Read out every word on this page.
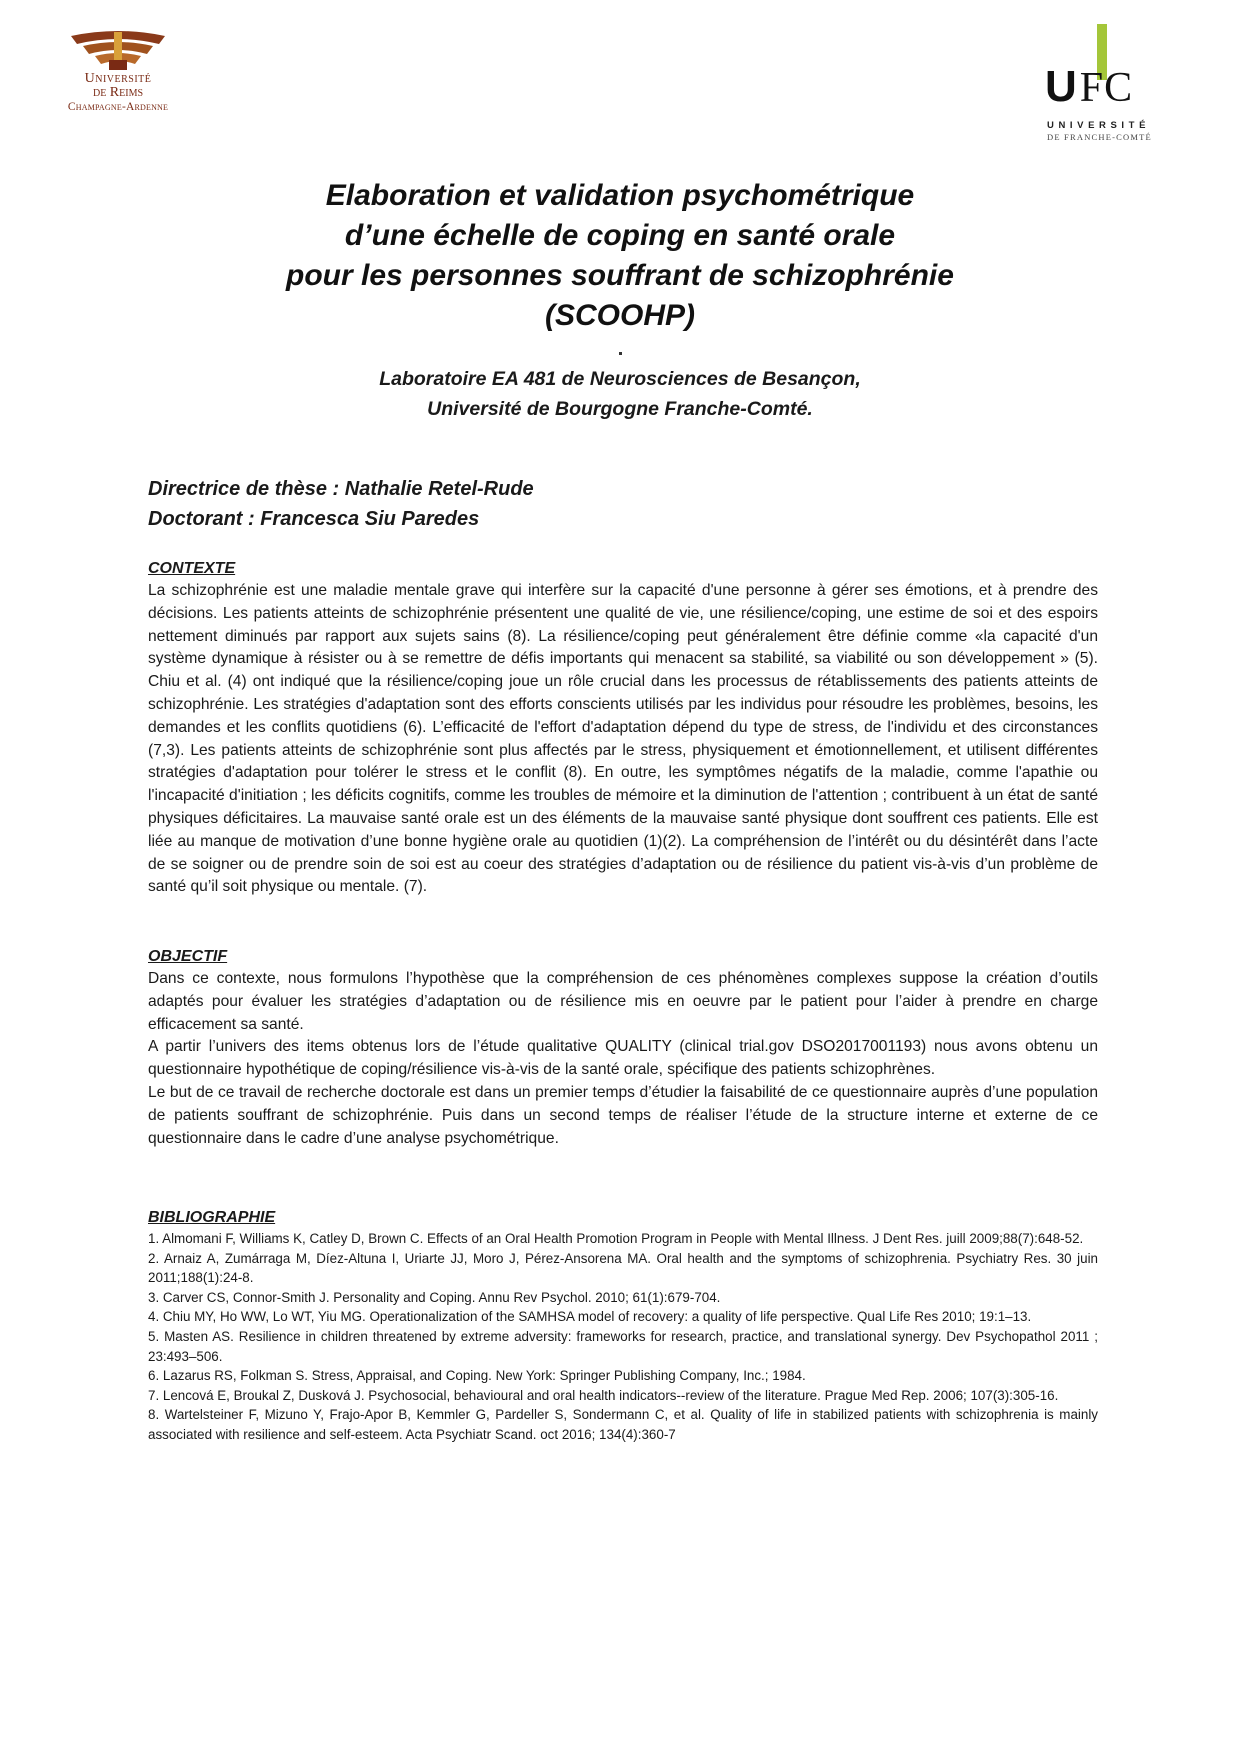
Université
de Reims
Champagne-Ardenne	UFC
UNIVERSITÉ
DE FRANCHE-COMTÉ
Elaboration et validation psychométrique
d’une échelle de coping en santé orale
pour les personnes souffrant de schizophrénie
(SCOOHP)
Laboratoire EA 481 de Neurosciences de Besançon,
Université de Bourgogne Franche-Comté.
Directrice de thèse : Nathalie Retel-Rude
Doctorant : Francesca Siu Paredes
CONTEXTE
La schizophrénie est une maladie mentale grave qui interfère sur la capacité d'une personne à gérer ses émotions, et à prendre des décisions. Les patients atteints de schizophrénie présentent une qualité de vie, une résilience/coping, une estime de soi et des espoirs nettement diminués par rapport aux sujets sains (8). La résilience/coping peut généralement être définie comme «la capacité d'un système dynamique à résister ou à se remettre de défis importants qui menacent sa stabilité, sa viabilité ou son développement » (5). Chiu et al. (4) ont indiqué que la résilience/coping joue un rôle crucial dans les processus de rétablissements des patients atteints de schizophrénie. Les stratégies d'adaptation sont des efforts conscients utilisés par les individus pour résoudre les problèmes, besoins, les demandes et les conflits quotidiens (6). L’efficacité de l'effort d'adaptation dépend du type de stress, de l'individu et des circonstances (7,3). Les patients atteints de schizophrénie sont plus affectés par le stress, physiquement et émotionnellement, et utilisent différentes stratégies d'adaptation pour tolérer le stress et le conflit (8). En outre, les symptômes négatifs de la maladie, comme l'apathie ou l'incapacité d'initiation ; les déficits cognitifs, comme les troubles de mémoire et la diminution de l'attention ; contribuent à un état de santé physiques déficitaires. La mauvaise santé orale est un des éléments de la mauvaise santé physique dont souffrent ces patients. Elle est liée au manque de motivation d’une bonne hygiène orale au quotidien (1)(2). La compréhension de l’intérêt ou du désintérêt dans l’acte de se soigner ou de prendre soin de soi est au coeur des stratégies d’adaptation ou de résilience du patient vis-à-vis d’un problème de santé qu’il soit physique ou mentale. (7).
OBJECTIF
Dans ce contexte, nous formulons l’hypothèse que la compréhension de ces phénomènes complexes suppose la création d’outils adaptés pour évaluer les stratégies d’adaptation ou de résilience mis en oeuvre par le patient pour l’aider à prendre en charge efficacement sa santé.
A partir l’univers des items obtenus lors de l’étude qualitative QUALITY (clinical trial.gov DSO2017001193) nous avons obtenu un questionnaire hypothétique de coping/résilience vis-à-vis de la santé orale, spécifique des patients schizophrènes.
Le but de ce travail de recherche doctorale est dans un premier temps d’étudier la faisabilité de ce questionnaire auprès d’une population de patients souffrant de schizophrénie. Puis dans un second temps de réaliser l’étude de la structure interne et externe de ce questionnaire dans le cadre d’une analyse psychométrique.
BIBLIOGRAPHIE
1. Almomani F, Williams K, Catley D, Brown C. Effects of an Oral Health Promotion Program in People with Mental Illness. J Dent Res. juill 2009;88(7):648-52.
2. Arnaiz A, Zumárraga M, Díez-Altuna I, Uriarte JJ, Moro J, Pérez-Ansorena MA. Oral health and the symptoms of schizophrenia. Psychiatry Res. 30 juin 2011;188(1):24-8.
3. Carver CS, Connor-Smith J. Personality and Coping. Annu Rev Psychol. 2010; 61(1):679-704.
4. Chiu MY, Ho WW, Lo WT, Yiu MG. Operationalization of the SAMHSA model of recovery: a quality of life perspective. Qual Life Res 2010; 19:1–13.
5. Masten AS. Resilience in children threatened by extreme adversity: frameworks for research, practice, and translational synergy. Dev Psychopathol 2011 ; 23:493–506.
6. Lazarus RS, Folkman S. Stress, Appraisal, and Coping. New York: Springer Publishing Company, Inc.; 1984.
7. Lencová E, Broukal Z, Dusková J. Psychosocial, behavioural and oral health indicators--review of the literature. Prague Med Rep. 2006; 107(3):305-16.
8. Wartelsteiner F, Mizuno Y, Frajo-Apor B, Kemmler G, Pardeller S, Sondermann C, et al. Quality of life in stabilized patients with schizophrenia is mainly associated with resilience and self-esteem. Acta Psychiatr Scand. oct 2016; 134(4):360-7
